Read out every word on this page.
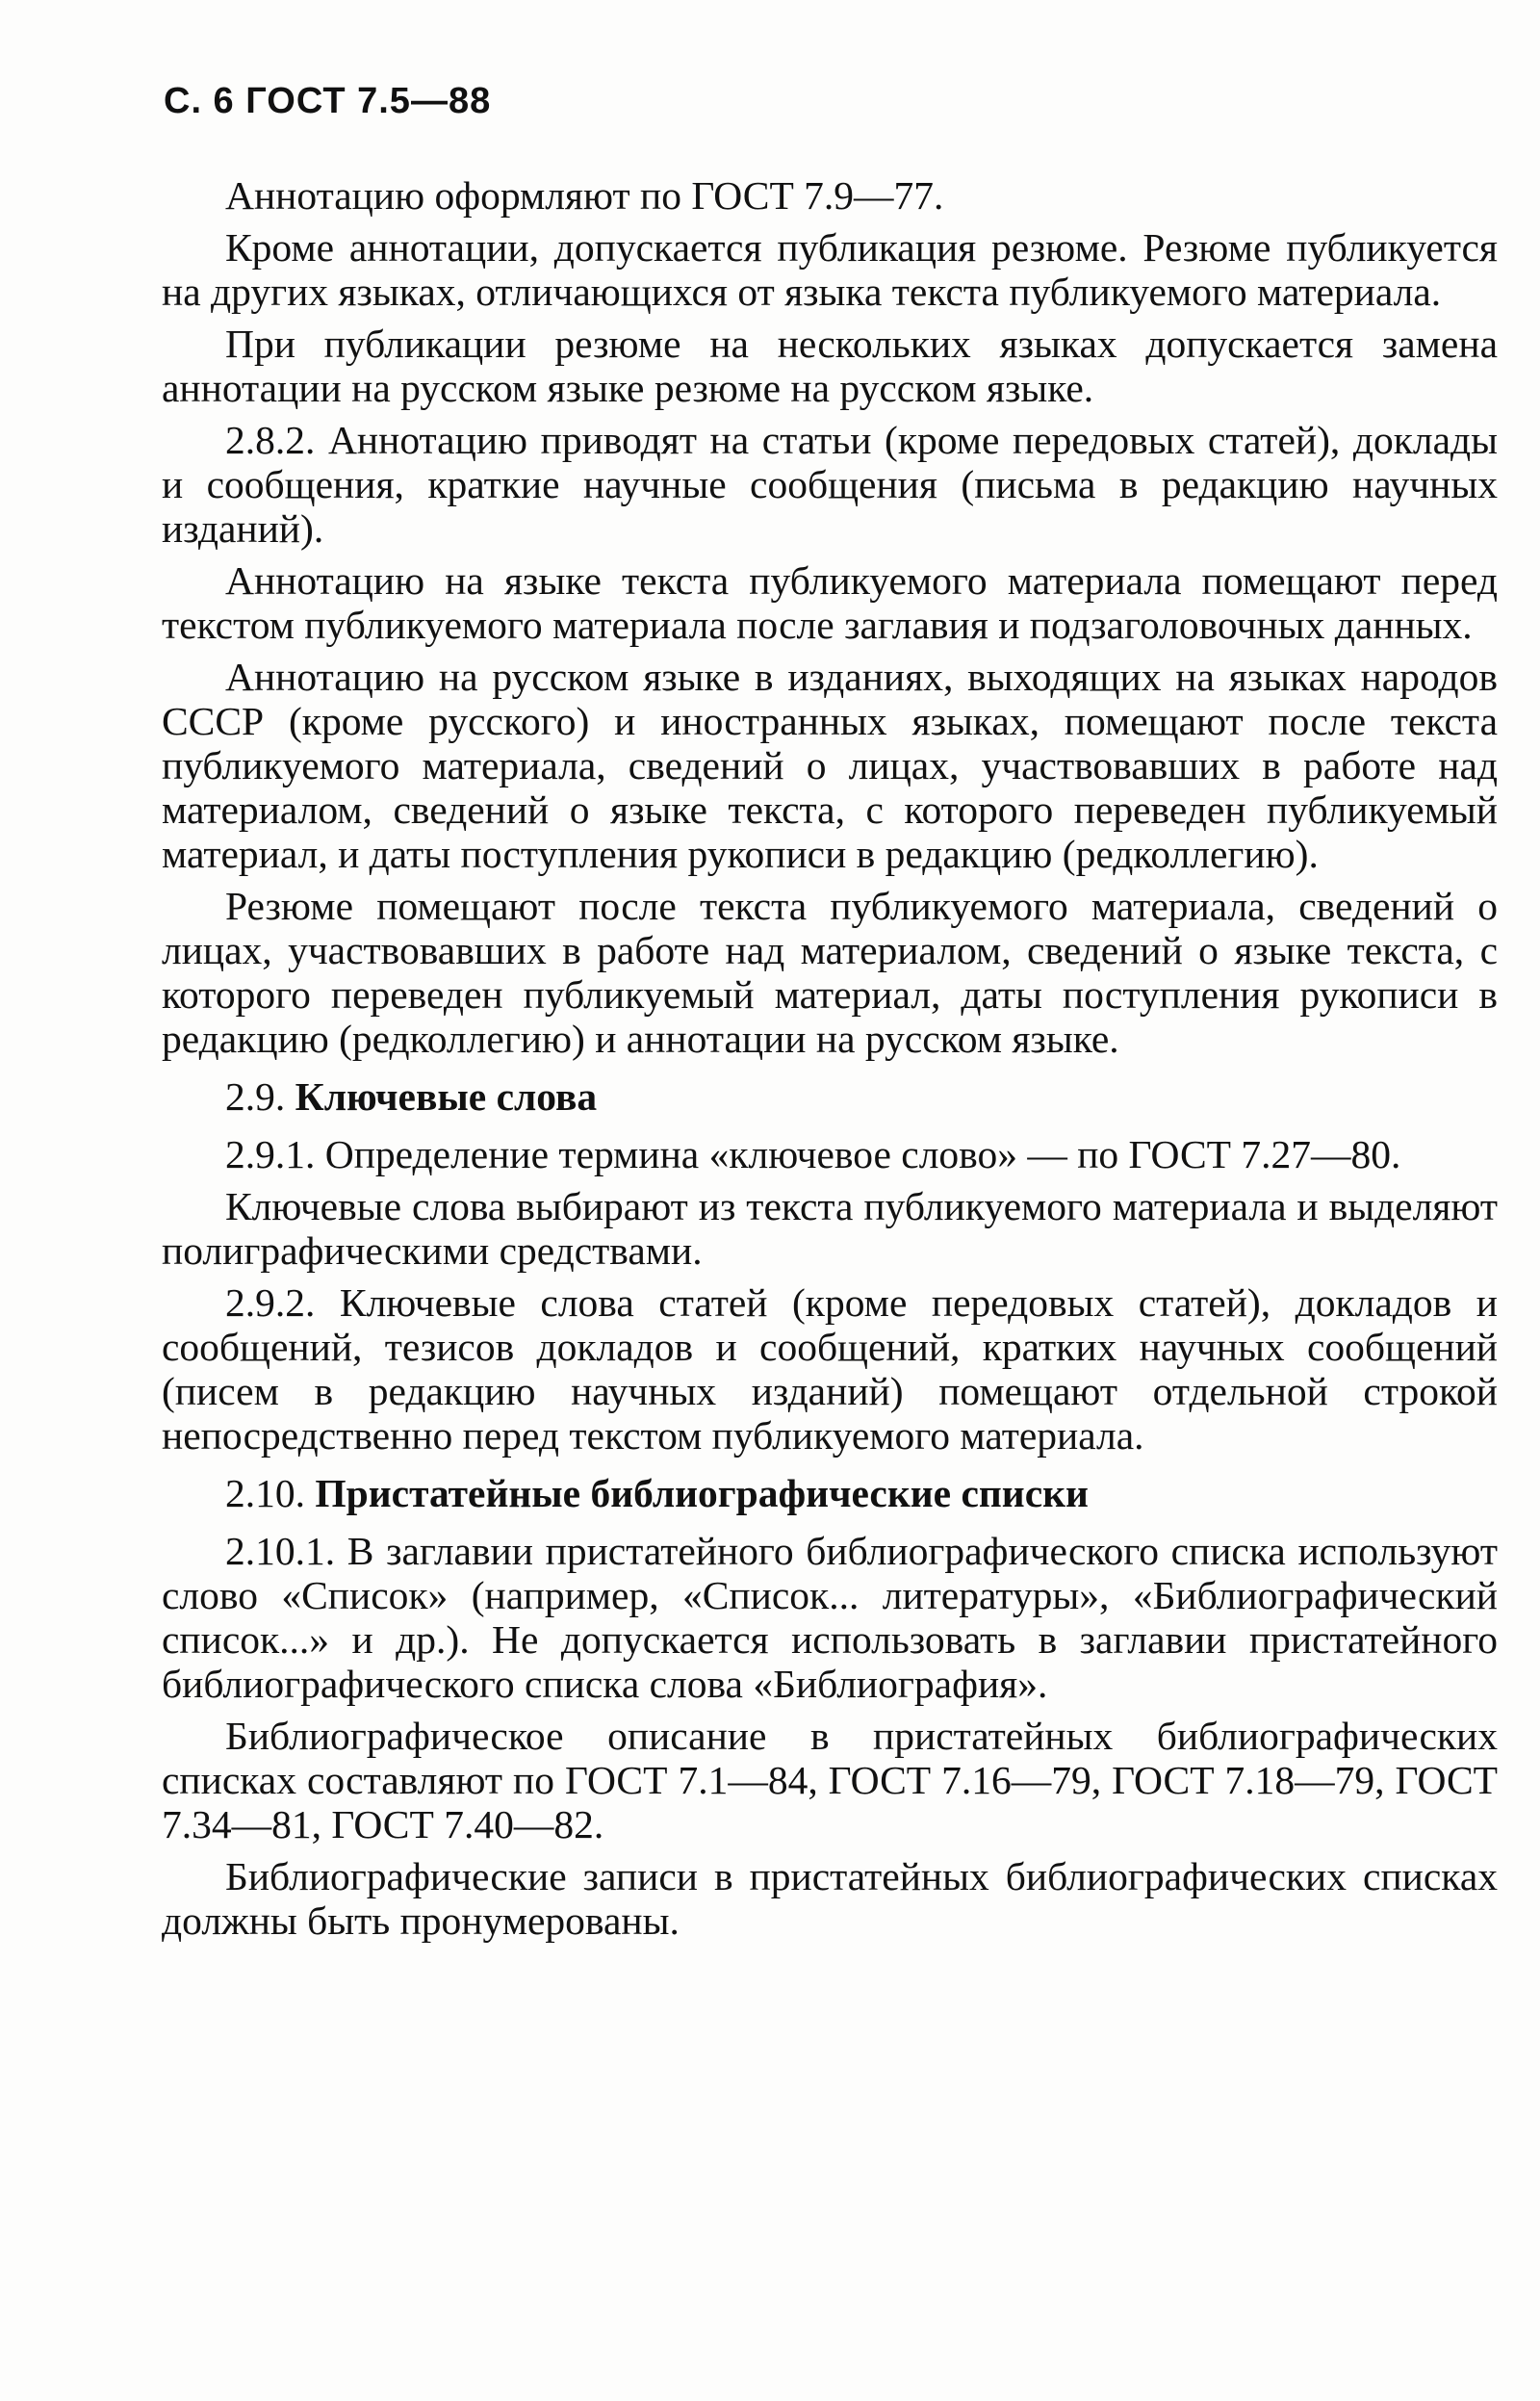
С. 6 ГОСТ 7.5—88

Аннотацию оформляют по ГОСТ 7.9—77.

Кроме аннотации, допускается публикация резюме. Резюме публикуется на других языках, отличающихся от языка текста публикуемого материала.

При публикации резюме на нескольких языках допускается замена аннотации на русском языке резюме на русском языке.

2.8.2. Аннотацию приводят на статьи (кроме передовых статей), доклады и сообщения, краткие научные сообщения (письма в редакцию научных изданий).

Аннотацию на языке текста публикуемого материала помещают перед текстом публикуемого материала после заглавия и подзаголовочных данных.

Аннотацию на русском языке в изданиях, выходящих на языках народов СССР (кроме русского) и иностранных языках, помещают после текста публикуемого материала, сведений о лицах, участвовавших в работе над материалом, сведений о языке текста, с которого переведен публикуемый материал, и даты поступления рукописи в редакцию (редколлегию).

Резюме помещают после текста публикуемого материала, сведений о лицах, участвовавших в работе над материалом, сведений о языке текста, с которого переведен публикуемый материал, даты поступления рукописи в редакцию (редколлегию) и аннотации на русском языке.

2.9. Ключевые слова

2.9.1. Определение термина «ключевое слово» — по ГОСТ 7.27—80.

Ключевые слова выбирают из текста публикуемого материала и выделяют полиграфическими средствами.

2.9.2. Ключевые слова статей (кроме передовых статей), докладов и сообщений, тезисов докладов и сообщений, кратких научных сообщений (писем в редакцию научных изданий) помещают отдельной строкой непосредственно перед текстом публикуемого материала.

2.10. Пристатейные библиографические списки

2.10.1. В заглавии пристатейного библиографического списка используют слово «Список» (например, «Список... литературы», «Библиографический список...» и др.). Не допускается использовать в заглавии пристатейного библиографического списка слова «Библиография».

Библиографическое описание в пристатейных библиографических списках составляют по ГОСТ 7.1—84, ГОСТ 7.16—79, ГОСТ 7.18—79, ГОСТ 7.34—81, ГОСТ 7.40—82.

Библиографические записи в пристатейных библиографических списках должны быть пронумерованы.
